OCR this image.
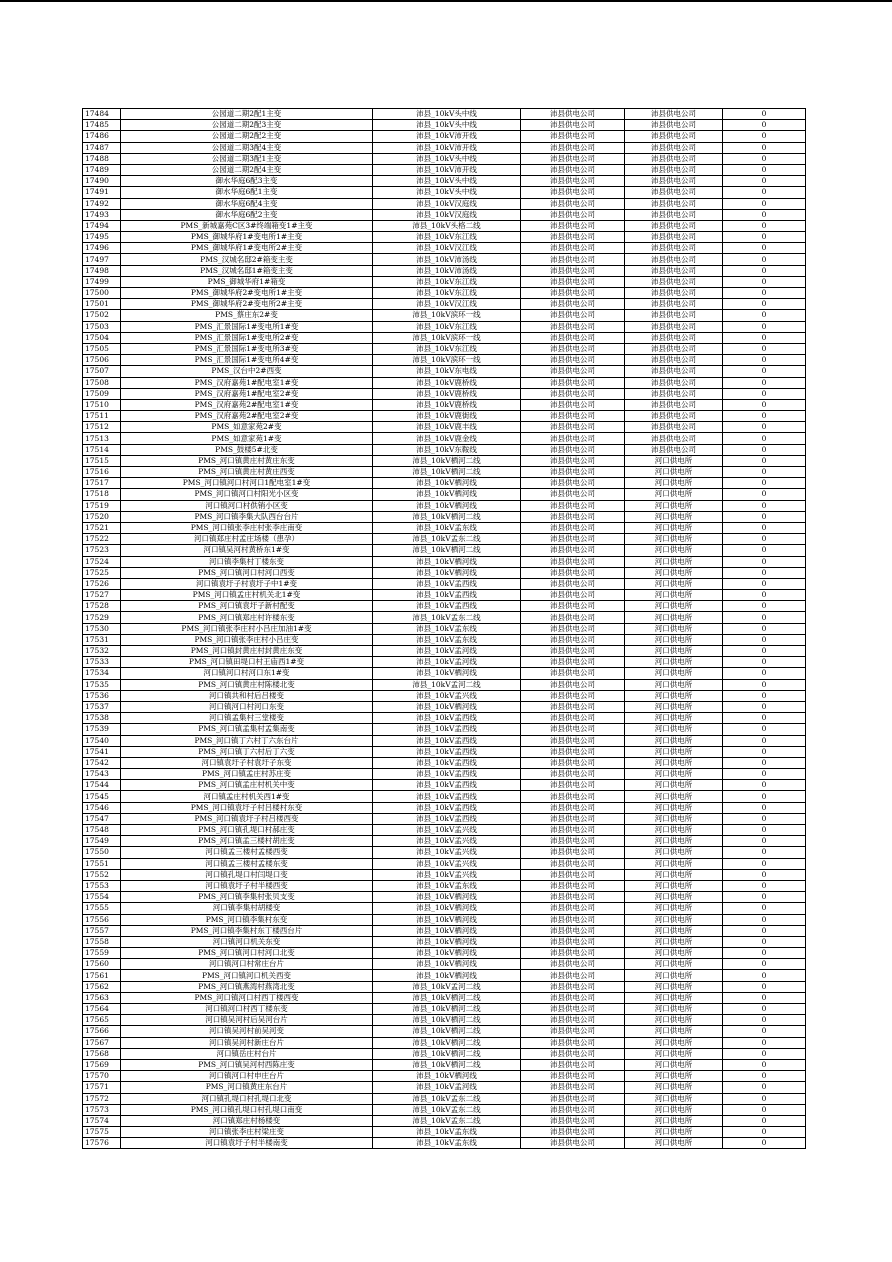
17484	公园道二期2配1主变	沛县_10kV头中线	沛县供电公司	沛县供电公司	0
17485	公园道二期2配3主变	沛县_10kV头中线	沛县供电公司	沛县供电公司	0
17486	公园道二期2配2主变	沛县_10kV沛开线	沛县供电公司	沛县供电公司	0
17487	公园道二期3配4主变	沛县_10kV沛开线	沛县供电公司	沛县供电公司	0
17488	公园道二期3配1主变	沛县_10kV头中线	沛县供电公司	沛县供电公司	0
17489	公园道二期2配4主变	沛县_10kV沛开线	沛县供电公司	沛县供电公司	0
17490	御水华庭6配3主变	沛县_10kV头中线	沛县供电公司	沛县供电公司	0
17491	御水华庭6配1主变	沛县_10kV头中线	沛县供电公司	沛县供电公司	0
17492	御水华庭6配4主变	沛县_10kV汉庭线	沛县供电公司	沛县供电公司	0
17493	御水华庭6配2主变	沛县_10kV汉庭线	沛县供电公司	沛县供电公司	0
17494	PMS_新城嘉苑C区3#终端箱变1#主变	沛县_10kV头格二线	沛县供电公司	沛县供电公司	0
17495	PMS_御城华府1#变电所1#主变	沛县_10kV东江线	沛县供电公司	沛县供电公司	0
17496	PMS_御城华府1#变电所2#主变	沛县_10kV汉江线	沛县供电公司	沛县供电公司	0
17497	PMS_汉城名邸2#箱变主变	沛县_10kV沛汤线	沛县供电公司	沛县供电公司	0
17498	PMS_汉城名邸1#箱变主变	沛县_10kV沛汤线	沛县供电公司	沛县供电公司	0
17499	PMS_御城华府1#箱变	沛县_10kV东江线	沛县供电公司	沛县供电公司	0
17500	PMS_御城华府2#变电所1#主变	沛县_10kV东江线	沛县供电公司	沛县供电公司	0
17501	PMS_御城华府2#变电所2#主变	沛县_10kV汉江线	沛县供电公司	沛县供电公司	0
17502	PMS_蔡庄东2#变	沛县_10kV滨环一线	沛县供电公司	沛县供电公司	0
17503	PMS_汇景国际1#变电所1#变	沛县_10kV东江线	沛县供电公司	沛县供电公司	0
17504	PMS_汇景国际1#变电所2#变	沛县_10kV滨环一线	沛县供电公司	沛县供电公司	0
17505	PMS_汇景国际1#变电所3#变	沛县_10kV东江线	沛县供电公司	沛县供电公司	0
17506	PMS_汇景国际1#变电所4#变	沛县_10kV滨环一线	沛县供电公司	沛县供电公司	0
17507	PMS_汉台中2#西变	沛县_10kV东电线	沛县供电公司	沛县供电公司	0
17508	PMS_汉府嘉苑1#配电室1#变	沛县_10kV鹿桥线	沛县供电公司	沛县供电公司	0
17509	PMS_汉府嘉苑1#配电室2#变	沛县_10kV鹿桥线	沛县供电公司	沛县供电公司	0
17510	PMS_汉府嘉苑2#配电室1#变	沛县_10kV鹿桥线	沛县供电公司	沛县供电公司	0
17511	PMS_汉府嘉苑2#配电室2#变	沛县_10kV鹿街线	沛县供电公司	沛县供电公司	0
17512	PMS_如意家苑2#变	沛县_10kV鹿丰线	沛县供电公司	沛县供电公司	0
17513	PMS_如意家苑1#变	沛县_10kV鹿金线	沛县供电公司	沛县供电公司	0
17514	PMS_鼓楼5#北变	沛县_10kV东鞍线	沛县供电公司	沛县供电公司	0
17515	PMS_河口镇黄庄村黄庄东变	沛县_10kV栖河二线	沛县供电公司	河口供电所	0
17516	PMS_河口镇黄庄村黄庄西变	沛县_10kV栖河二线	沛县供电公司	河口供电所	0
17517	PMS_河口镇河口村河口1配电室1#变	沛县_10kV栖河线	沛县供电公司	河口供电所	0
17518	PMS_河口镇河口村阳光小区变	沛县_10kV栖河线	沛县供电公司	河口供电所	0
17519	河口镇河口村供销小区变	沛县_10kV栖河线	沛县供电公司	河口供电所	0
17520	PMS_河口镇李集大队西台台片	沛县_10kV栖河二线	沛县供电公司	河口供电所	0
17521	PMS_河口镇张李庄村张李庄南变	沛县_10kV孟东线	沛县供电公司	河口供电所	0
17522	河口镇郑庄村孟庄场楼（患孕）	沛县_10kV孟东二线	沛县供电公司	河口供电所	0
17523	河口镇吴河村黄桥东1#变	沛县_10kV栖河二线	沛县供电公司	河口供电所	0
17524	河口镇李集村丁楼东变	沛县_10kV栖河线	沛县供电公司	河口供电所	0
17525	PMS_河口镇河口村河口西变	沛县_10kV栖河线	沛县供电公司	河口供电所	0
17526	河口镇袁圩子村袁圩子中1#变	沛县_10kV孟西线	沛县供电公司	河口供电所	0
17527	PMS_河口镇孟庄村机关北1#变	沛县_10kV孟西线	沛县供电公司	河口供电所	0
17528	PMS_河口镇袁圩子新村配变	沛县_10kV孟西线	沛县供电公司	河口供电所	0
17529	PMS_河口镇郑庄村许楼东变	沛县_10kV孟东二线	沛县供电公司	河口供电所	0
17530	PMS_河口镇张李庄村小吕庄加油1#变	沛县_10kV孟东线	沛县供电公司	河口供电所	0
17531	PMS_河口镇张李庄村小吕庄变	沛县_10kV孟东线	沛县供电公司	河口供电所	0
17532	PMS_河口镇封黄庄村封黄庄东变	沛县_10kV孟河线	沛县供电公司	河口供电所	0
17533	PMS_河口镇田堤口村王庙西1#变	沛县_10kV孟河线	沛县供电公司	河口供电所	0
17534	河口镇河口村河口东1#变	沛县_10kV栖河线	沛县供电公司	河口供电所	0
17535	PMS_河口镇黄庄村陈楼北变	沛县_10kV孟河二线	沛县供电公司	河口供电所	0
17536	河口镇共和村后吕楼变	沛县_10kV孟兴线	沛县供电公司	河口供电所	0
17537	河口镇河口村河口东变	沛县_10kV栖河线	沛县供电公司	河口供电所	0
17538	河口镇孟集村三堂楼变	沛县_10kV孟西线	沛县供电公司	河口供电所	0
17539	PMS_河口镇孟集村孟集南变	沛县_10kV孟西线	沛县供电公司	河口供电所	0
17540	PMS_河口镇丁六村丁六东台片	沛县_10kV孟西线	沛县供电公司	河口供电所	0
17541	PMS_河口镇丁六村后丁六变	沛县_10kV孟西线	沛县供电公司	河口供电所	0
17542	河口镇袁圩子村袁圩子东变	沛县_10kV孟西线	沛县供电公司	河口供电所	0
17543	PMS_河口镇孟庄村苏庄变	沛县_10kV孟西线	沛县供电公司	河口供电所	0
17544	PMS_河口镇孟庄村机关中变	沛县_10kV孟西线	沛县供电公司	河口供电所	0
17545	河口镇孟庄村机关西1#变	沛县_10kV孟西线	沛县供电公司	河口供电所	0
17546	PMS_河口镇袁圩子村吕楼村东变	沛县_10kV孟西线	沛县供电公司	河口供电所	0
17547	PMS_河口镇袁圩子村吕楼西变	沛县_10kV孟西线	沛县供电公司	河口供电所	0
17548	PMS_河口镇孔堤口村郝庄变	沛县_10kV孟兴线	沛县供电公司	河口供电所	0
17549	PMS_河口镇孟三楼村胡庄变	沛县_10kV孟兴线	沛县供电公司	河口供电所	0
17550	河口镇孟三楼村孟楼西变	沛县_10kV孟兴线	沛县供电公司	河口供电所	0
17551	河口镇孟三楼村孟楼东变	沛县_10kV孟兴线	沛县供电公司	河口供电所	0
17552	河口镇孔堤口村闫堤口变	沛县_10kV孟兴线	沛县供电公司	河口供电所	0
17553	河口镇袁圩子村半楼西变	沛县_10kV孟东线	沛县供电公司	河口供电所	0
17554	PMS_河口镇李集村张贝支变	沛县_10kV栖河线	沛县供电公司	河口供电所	0
17555	河口镇李集村胡楼变	沛县_10kV栖河线	沛县供电公司	河口供电所	0
17556	PMS_河口镇李集村东变	沛县_10kV栖河线	沛县供电公司	河口供电所	0
17557	PMS_河口镇李集村东丁楼西台片	沛县_10kV栖河线	沛县供电公司	河口供电所	0
17558	河口镇河口机关东变	沛县_10kV栖河线	沛县供电公司	河口供电所	0
17559	PMS_河口镇河口村河口北变	沛县_10kV栖河线	沛县供电公司	河口供电所	0
17560	河口镇河口村常庄台片	沛县_10kV栖河线	沛县供电公司	河口供电所	0
17561	PMS_河口镇河口机关西变	沛县_10kV栖河线	沛县供电公司	河口供电所	0
17562	PMS_河口镇燕湾村燕湾北变	沛县_10kV孟河二线	沛县供电公司	河口供电所	0
17563	PMS_河口镇河口村西丁楼西变	沛县_10kV栖河二线	沛县供电公司	河口供电所	0
17564	河口镇河口村西丁楼东变	沛县_10kV栖河二线	沛县供电公司	河口供电所	0
17565	河口镇吴河村后吴河台片	沛县_10kV栖河二线	沛县供电公司	河口供电所	0
17566	河口镇吴河村前吴河变	沛县_10kV栖河二线	沛县供电公司	河口供电所	0
17567	河口镇吴河村新庄台片	沛县_10kV栖河二线	沛县供电公司	河口供电所	0
17568	河口镇岳庄村台片	沛县_10kV栖河二线	沛县供电公司	河口供电所	0
17569	PMS_河口镇吴河村西陈庄变	沛县_10kV栖河二线	沛县供电公司	河口供电所	0
17570	河口镇河口村申庄台片	沛县_10kV栖河线	沛县供电公司	河口供电所	0
17571	PMS_河口镇黄庄东台片	沛县_10kV孟河线	沛县供电公司	河口供电所	0
17572	河口镇孔堤口村孔堤口北变	沛县_10kV孟东二线	沛县供电公司	河口供电所	0
17573	PMS_河口镇孔堤口村孔堤口南变	沛县_10kV孟东二线	沛县供电公司	河口供电所	0
17574	河口镇郑庄村杨楼变	沛县_10kV孟东二线	沛县供电公司	河口供电所	0
17575	河口镇张李庄村梁庄变	沛县_10kV孟东线	沛县供电公司	河口供电所	0
17576	河口镇袁圩子村半楼南变	沛县_10kV孟东线	沛县供电公司	河口供电所	0
